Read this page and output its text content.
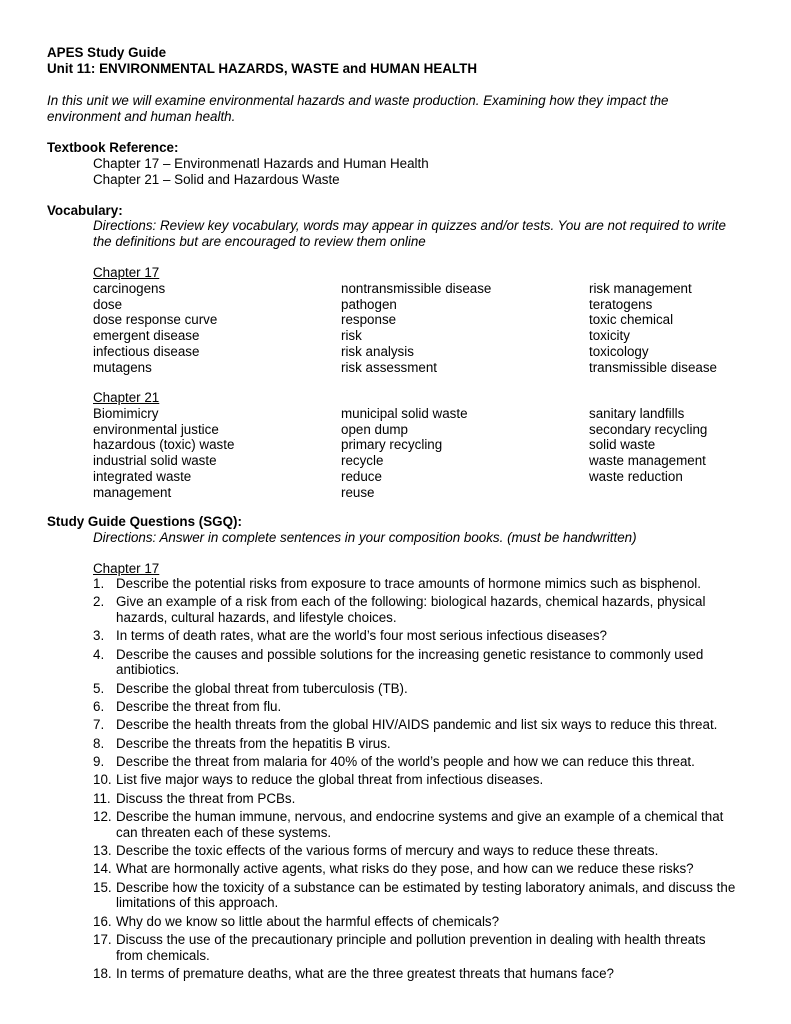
APES Study Guide
Unit 11: ENVIRONMENTAL HAZARDS, WASTE and HUMAN HEALTH
In this unit we will examine environmental hazards and waste production. Examining how they impact the
environment and human health.
Textbook Reference:
Chapter 17 – Environmenatl Hazards and Human Health
Chapter 21 – Solid and Hazardous Waste
Vocabulary:
Directions: Review key vocabulary, words may appear in quizzes and/or tests. You are not required to write
the definitions but are encouraged to review them online
Chapter 17
carcinogens
dose
dose response curve
emergent disease
infectious disease
mutagens
nontransmissible disease
pathogen
response
risk
risk analysis
risk assessment
risk management
teratogens
toxic chemical
toxicity
toxicology
transmissible disease
Chapter 21
Biomimicry
environmental justice
hazardous (toxic) waste
industrial solid waste
integrated waste
management
municipal solid waste
open dump
primary recycling
recycle
reduce
reuse
sanitary landfills
secondary recycling
solid waste
waste management
waste reduction
Study Guide Questions (SGQ):
Directions: Answer in complete sentences in your composition books. (must be handwritten)
Chapter 17
1. Describe the potential risks from exposure to trace amounts of hormone mimics such as bisphenol.
2. Give an example of a risk from each of the following: biological hazards, chemical hazards, physical
hazards, cultural hazards, and lifestyle choices.
3. In terms of death rates, what are the world’s four most serious infectious diseases?
4. Describe the causes and possible solutions for the increasing genetic resistance to commonly used
antibiotics.
5. Describe the global threat from tuberculosis (TB).
6. Describe the threat from flu.
7. Describe the health threats from the global HIV/AIDS pandemic and list six ways to reduce this threat.
8. Describe the threats from the hepatitis B virus.
9. Describe the threat from malaria for 40% of the world’s people and how we can reduce this threat.
10. List five major ways to reduce the global threat from infectious diseases.
11. Discuss the threat from PCBs.
12. Describe the human immune, nervous, and endocrine systems and give an example of a chemical that
can threaten each of these systems.
13. Describe the toxic effects of the various forms of mercury and ways to reduce these threats.
14. What are hormonally active agents, what risks do they pose, and how can we reduce these risks?
15. Describe how the toxicity of a substance can be estimated by testing laboratory animals, and discuss the
limitations of this approach.
16. Why do we know so little about the harmful effects of chemicals?
17. Discuss the use of the precautionary principle and pollution prevention in dealing with health threats
from chemicals.
18. In terms of premature deaths, what are the three greatest threats that humans face?
